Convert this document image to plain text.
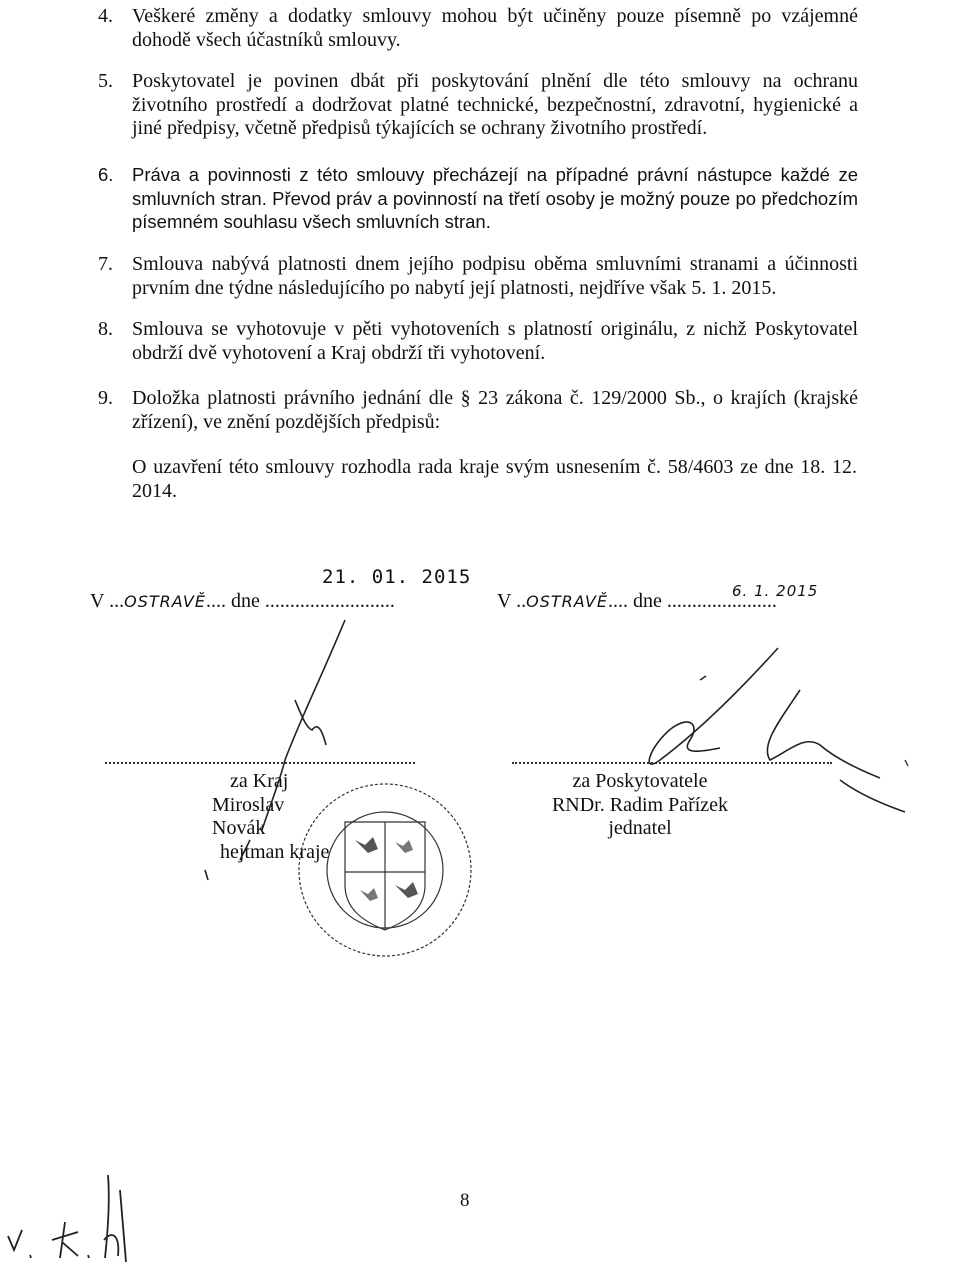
4. Veškeré změny a dodatky smlouvy mohou být učiněny pouze písemně po vzájemné dohodě všech účastníků smlouvy.
5. Poskytovatel je povinen dbát při poskytování plnění dle této smlouvy na ochranu životního prostředí a dodržovat platné technické, bezpečnostní, zdravotní, hygienické a jiné předpisy, včetně předpisů týkajících se ochrany životního prostředí.
6. Práva a povinnosti z této smlouvy přecházejí na případné právní nástupce každé ze smluvních stran. Převod práv a povinností na třetí osoby je možný pouze po předchozím písemném souhlasu všech smluvních stran.
7. Smlouva nabývá platnosti dnem jejího podpisu oběma smluvními stranami a účinnosti prvním dne týdne následujícího po nabytí její platnosti, nejdříve však 5. 1. 2015.
8. Smlouva se vyhotovuje v pěti vyhotoveních s platností originálu, z nichž Poskytovatel obdrží dvě vyhotovení a Kraj obdrží tři vyhotovení.
9. Doložka platnosti právního jednání dle § 23 zákona č. 129/2000 Sb., o krajích (krajské zřízení), ve znění pozdějších předpisů:
O uzavření této smlouvy rozhodla rada kraje svým usnesením č. 58/4603 ze dne 18. 12. 2014.
V ...OSTRAVĚ.... dne ..........................
21. 01. 2015
V ..OSTRAVĚ.... dne ......................
6. 1. 2015
za Kraj
Miroslav Novák
hejtman kraje
za Poskytovatele
RNDr. Radim Pařízek
jednatel
8
